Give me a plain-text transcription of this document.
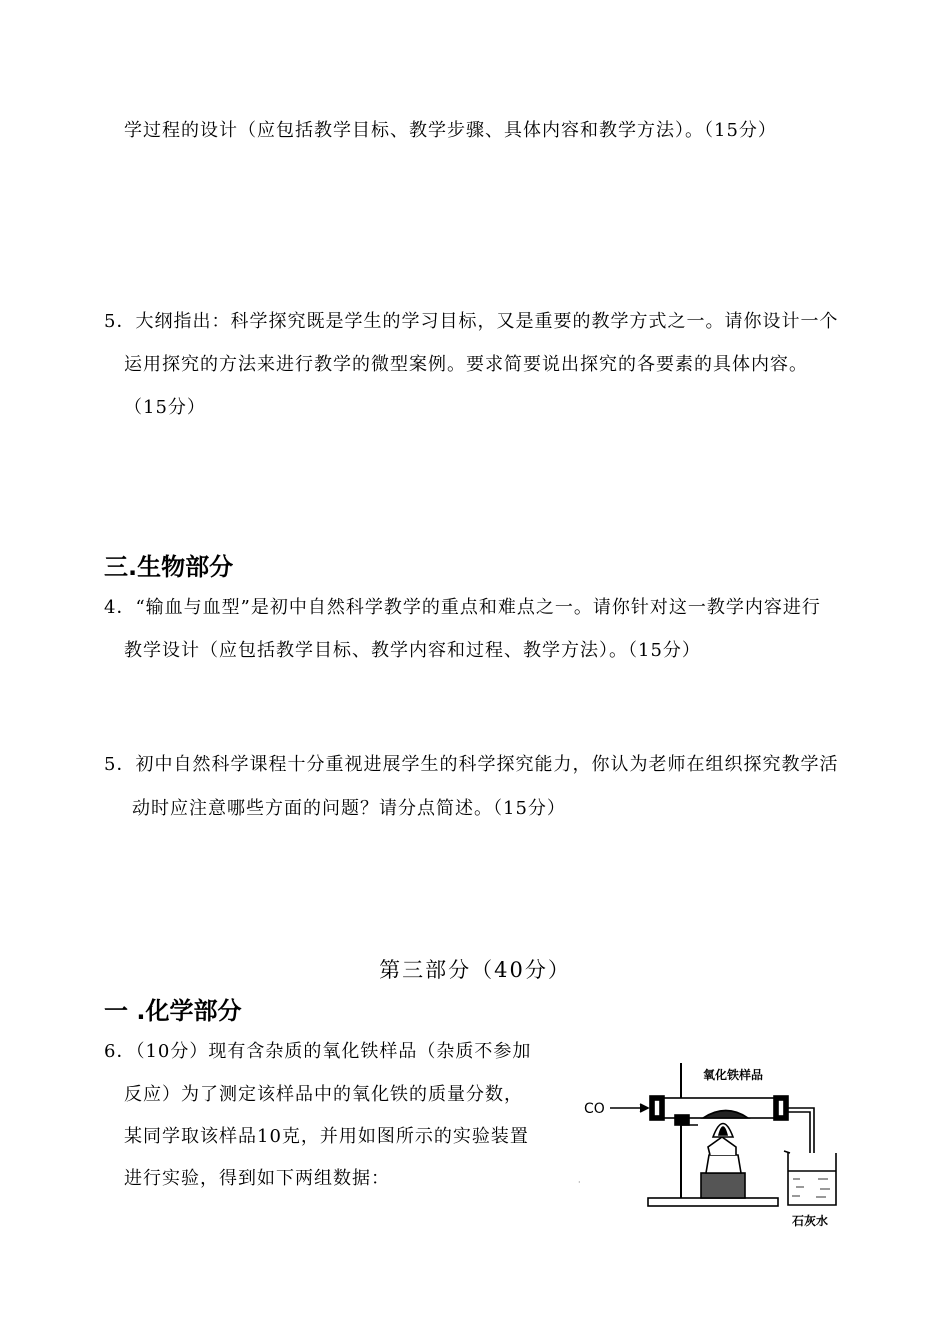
学过程的设计（应包括教学目标、教学步骤、具体内容和教学方法）。（15分）
5．大纲指出：科学探究既是学生的学习目标，又是重要的教学方式之一。请你设计一个
运用探究的方法来进行教学的微型案例。要求简要说出探究的各要素的具体内容。
（15分）
三.生物部分
4．“输血与血型”是初中自然科学教学的重点和难点之一。请你针对这一教学内容进行
教学设计（应包括教学目标、教学内容和过程、教学方法）。（15分）
5．初中自然科学课程十分重视进展学生的科学探究能力，你认为老师在组织探究教学活
动时应注意哪些方面的问题？请分点简述。（15分）
第三部分（40分）
一 .化学部分
6．（10分）现有含杂质的氧化铁样品（杂质不参加
反应）为了测定该样品中的氧化铁的质量分数，
某同学取该样品10克，并用如图所示的实验装置
进行实验，得到如下两组数据：
氧化铁样品
CO
石灰水
·
